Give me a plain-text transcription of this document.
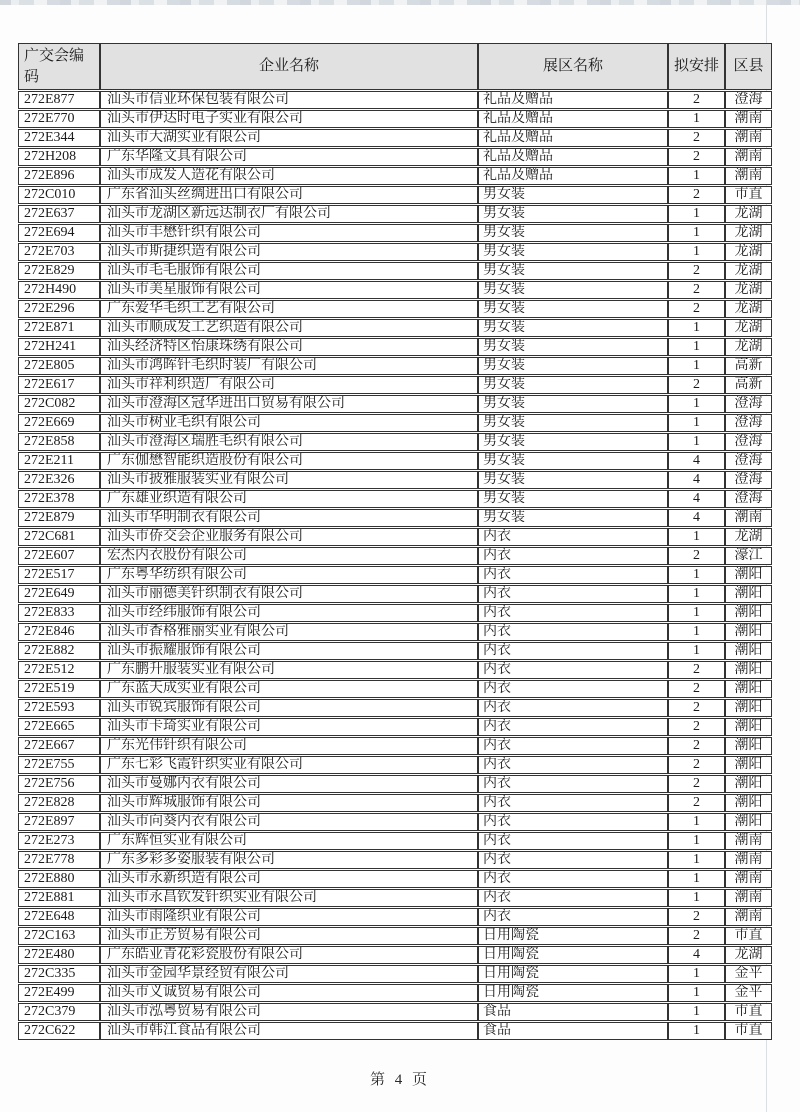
广交会编码	企业名称	展区名称	拟安排	区县
272E877	汕头市信业环保包装有限公司	礼品及赠品	2	澄海
272E770	汕头市伊达时电子实业有限公司	礼品及赠品	1	潮南
272E344	汕头市大湖实业有限公司	礼品及赠品	2	潮南
272H208	广东华隆文具有限公司	礼品及赠品	2	潮南
272E896	汕头市成发人造花有限公司	礼品及赠品	1	潮南
272C010	广东省汕头丝绸进出口有限公司	男女装	2	市直
272E637	汕头市龙湖区新远达制衣厂有限公司	男女装	1	龙湖
272E694	汕头市丰懋针织有限公司	男女装	1	龙湖
272E703	汕头市斯捷织造有限公司	男女装	1	龙湖
272E829	汕头市毛毛服饰有限公司	男女装	2	龙湖
272H490	汕头市美星服饰有限公司	男女装	2	龙湖
272E296	广东爱华毛织工艺有限公司	男女装	2	龙湖
272E871	汕头市顺成发工艺织造有限公司	男女装	1	龙湖
272H241	汕头经济特区怡康珠绣有限公司	男女装	1	龙湖
272E805	汕头市鸿晖针毛织时装厂有限公司	男女装	1	高新
272E617	汕头市祥利织造厂有限公司	男女装	2	高新
272C082	汕头市澄海区冠华进出口贸易有限公司	男女装	1	澄海
272E669	汕头市树业毛织有限公司	男女装	1	澄海
272E858	汕头市澄海区瑞胜毛织有限公司	男女装	1	澄海
272E211	广东伽懋智能织造股份有限公司	男女装	4	澄海
272E326	汕头市披雅服装实业有限公司	男女装	4	澄海
272E378	广东雄业织造有限公司	男女装	4	澄海
272E879	汕头市华明制衣有限公司	男女装	4	潮南
272C681	汕头市侨交会企业服务有限公司	内衣	1	龙湖
272E607	宏杰内衣股份有限公司	内衣	2	濠江
272E517	广东粤华纺织有限公司	内衣	1	潮阳
272E649	汕头市丽德美针织制衣有限公司	内衣	1	潮阳
272E833	汕头市经纬服饰有限公司	内衣	1	潮阳
272E846	汕头市香格雅丽实业有限公司	内衣	1	潮阳
272E882	汕头市振耀服饰有限公司	内衣	1	潮阳
272E512	广东鹏升服装实业有限公司	内衣	2	潮阳
272E519	广东蓝天成实业有限公司	内衣	2	潮阳
272E593	汕头市锐宾服饰有限公司	内衣	2	潮阳
272E665	汕头市卡琦实业有限公司	内衣	2	潮阳
272E667	广东光伟针织有限公司	内衣	2	潮阳
272E755	广东七彩飞霞针织实业有限公司	内衣	2	潮阳
272E756	汕头市曼娜内衣有限公司	内衣	2	潮阳
272E828	汕头市辉城服饰有限公司	内衣	2	潮阳
272E897	汕头市向葵内衣有限公司	内衣	1	潮阳
272E273	广东辉恒实业有限公司	内衣	1	潮南
272E778	广东多彩多姿服装有限公司	内衣	1	潮南
272E880	汕头市永新织造有限公司	内衣	1	潮南
272E881	汕头市永昌钦发针织实业有限公司	内衣	1	潮南
272E648	汕头市雨隆织业有限公司	内衣	2	潮南
272C163	汕头市正芳贸易有限公司	日用陶瓷	2	市直
272E480	广东皓业青花彩瓷股份有限公司	日用陶瓷	4	龙湖
272C335	汕头市金园华景经贸有限公司	日用陶瓷	1	金平
272E499	汕头市义诚贸易有限公司	日用陶瓷	1	金平
272C379	汕头市泓粤贸易有限公司	食品	1	市直
272C622	汕头市韩江食品有限公司	食品	1	市直
第 4 页
